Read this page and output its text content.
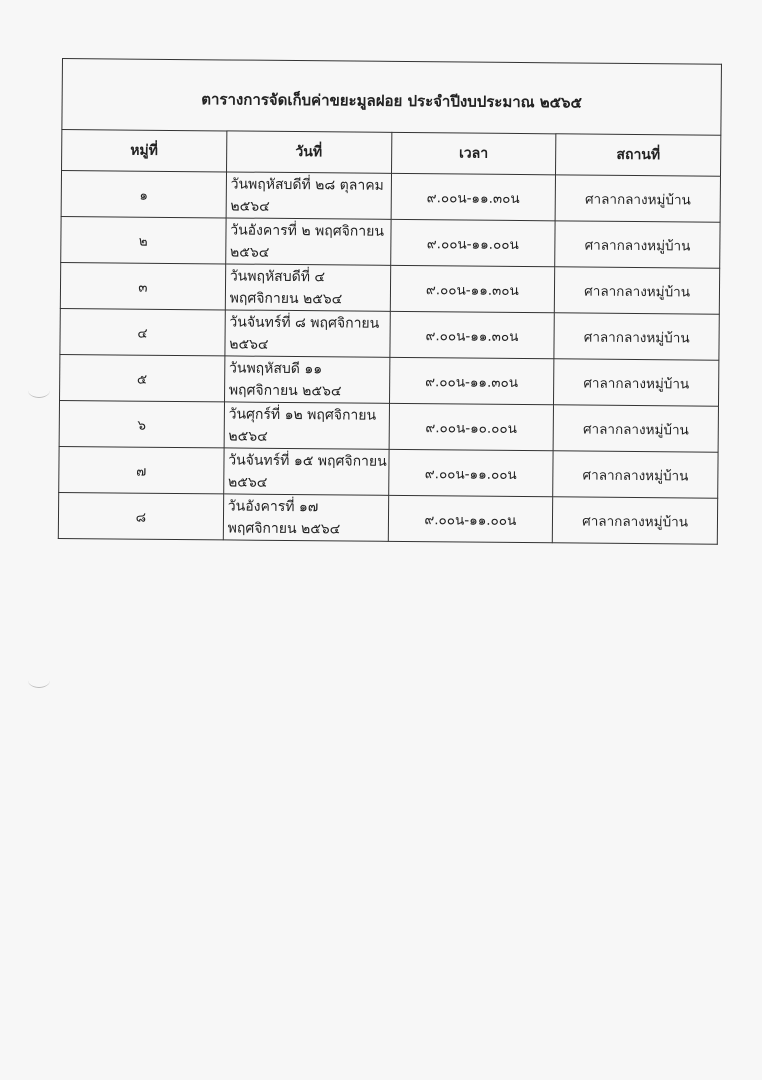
ตารางการจัดเก็บค่าขยะมูลฝอย ประจำปีงบประมาณ ๒๕๖๕			
หมู่ที่	วันที่	เวลา	สถานที่
๑	วันพฤหัสบดีที่ ๒๘ ตุลาคม ๒๕๖๔	๙.๐๐น-๑๑.๓๐น	ศาลากลางหมู่บ้าน
๒	วันอังคารที่ ๒ พฤศจิกายน ๒๕๖๔	๙.๐๐น-๑๑.๐๐น	ศาลากลางหมู่บ้าน
๓	วันพฤหัสบดีที่ ๔ พฤศจิกายน ๒๕๖๔	๙.๐๐น-๑๑.๓๐น	ศาลากลางหมู่บ้าน
๔	วันจันทร์ที่ ๘ พฤศจิกายน ๒๕๖๔	๙.๐๐น-๑๑.๓๐น	ศาลากลางหมู่บ้าน
๕	วันพฤหัสบดี ๑๑ พฤศจิกายน ๒๕๖๔	๙.๐๐น-๑๑.๓๐น	ศาลากลางหมู่บ้าน
๖	วันศุกร์ที่ ๑๒ พฤศจิกายน ๒๕๖๔	๙.๐๐น-๑๐.๐๐น	ศาลากลางหมู่บ้าน
๗	วันจันทร์ที่ ๑๕ พฤศจิกายน ๒๕๖๔	๙.๐๐น-๑๑.๐๐น	ศาลากลางหมู่บ้าน
๘	วันอังคารที่ ๑๗ พฤศจิกายน ๒๕๖๔	๙.๐๐น-๑๑.๐๐น	ศาลากลางหมู่บ้าน
